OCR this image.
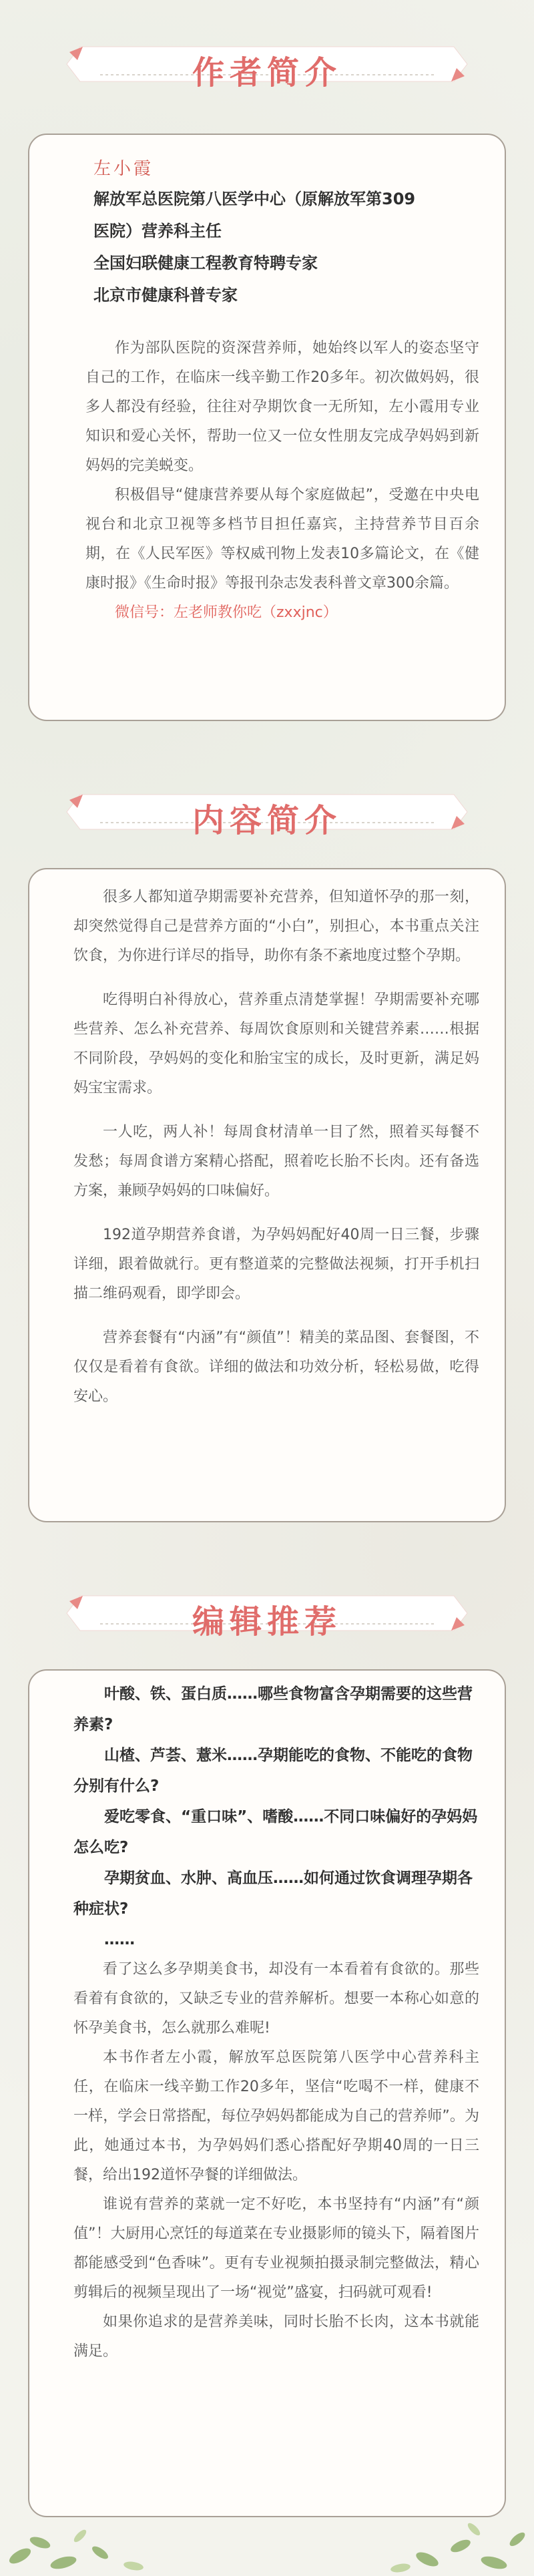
作者简介
左小霞
解放军总医院第八医学中心（原解放军第309
医院）营养科主任
全国妇联健康工程教育特聘专家
北京市健康科普专家

作为部队医院的资深营养师，她始终以军人的姿态坚守自己的工作，在临床一线辛勤工作20多年。初次做妈妈，很多人都没有经验，往往对孕期饮食一无所知，左小霞用专业知识和爱心关怀，帮助一位又一位女性朋友完成孕妈妈到新妈妈的完美蜕变。

积极倡导“健康营养要从每个家庭做起”，受邀在中央电视台和北京卫视等多档节目担任嘉宾，主持营养节目百余期，在《人民军医》等权威刊物上发表10多篇论文，在《健康时报》《生命时报》等报刊杂志发表科普文章300余篇。

微信号：左老师教你吃（zxxjnc）
内容简介

很多人都知道孕期需要补充营养，但知道怀孕的那一刻，却突然觉得自己是营养方面的“小白”，别担心，本书重点关注饮食，为你进行详尽的指导，助你有条不紊地度过整个孕期。

吃得明白补得放心，营养重点清楚掌握！孕期需要补充哪些营养、怎么补充营养、每周饮食原则和关键营养素……根据不同阶段，孕妈妈的变化和胎宝宝的成长，及时更新，满足妈妈宝宝需求。

一人吃，两人补！每周食材清单一目了然，照着买每餐不发愁；每周食谱方案精心搭配，照着吃长胎不长肉。还有备选方案，兼顾孕妈妈的口味偏好。

192道孕期营养食谱，为孕妈妈配好40周一日三餐，步骤详细，跟着做就行。更有整道菜的完整做法视频，打开手机扫描二维码观看，即学即会。

营养套餐有“内涵”有“颜值”！精美的菜品图、套餐图，不仅仅是看着有食欲。详细的做法和功效分析，轻松易做，吃得安心。

编辑推荐

叶酸、铁、蛋白质……哪些食物富含孕期需要的这些营养素?

山楂、芦荟、薏米……孕期能吃的食物、不能吃的食物分别有什么?

爱吃零食、“重口味”、嗜酸……不同口味偏好的孕妈妈怎么吃?

孕期贫血、水肿、高血压……如何通过饮食调理孕期各种症状?

……

看了这么多孕期美食书，却没有一本看着有食欲的。那些看着有食欲的，又缺乏专业的营养解析。想要一本称心如意的怀孕美食书，怎么就那么难呢!

本书作者左小霞，解放军总医院第八医学中心营养科主任，在临床一线辛勤工作20多年，坚信“吃喝不一样，健康不一样，学会日常搭配，每位孕妈妈都能成为自己的营养师”。为此，她通过本书，为孕妈妈们悉心搭配好孕期40周的一日三餐，给出192道怀孕餐的详细做法。

谁说有营养的菜就一定不好吃，本书坚持有“内涵”有“颜值”！大厨用心烹饪的每道菜在专业摄影师的镜头下，隔着图片都能感受到“色香味”。更有专业视频拍摄录制完整做法，精心剪辑后的视频呈现出了一场“视觉”盛宴，扫码就可观看!

如果你追求的是营养美味，同时长胎不长肉，这本书就能满足。
